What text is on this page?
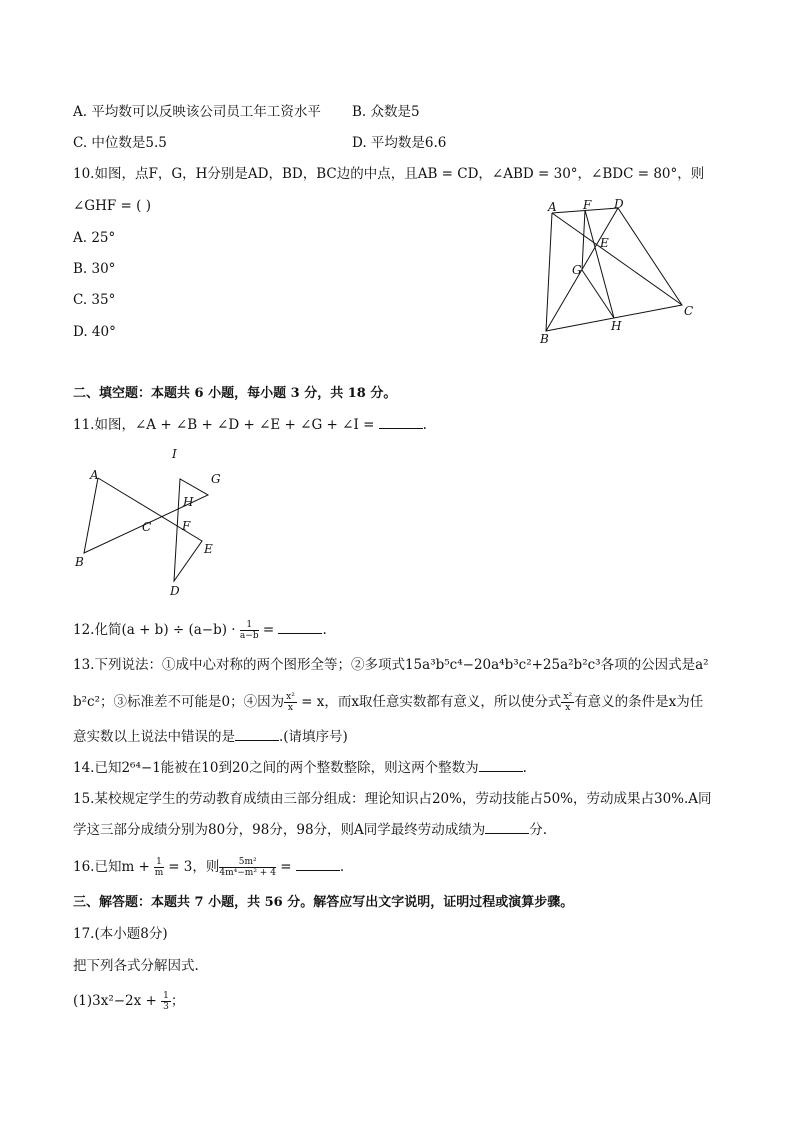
A. 平均数可以反映该公司员工年工资水平 B. 众数是5
C. 中位数是5.5	D. 平均数是6.6
10.如图，点F，G，H分别是AD，BD，BC边的中点，且AB = CD，∠ABD = 30°，∠BDC = 80°，则
∠GHF = ( )
A. 25°
B. 30°
C. 35°
D. 40°
A F D
E
G
H
C
B
二、填空题：本题共 6 小题，每小题 3 分，共 18 分。
11.如图，∠A + ∠B + ∠D + ∠E + ∠G + ∠I =	.
A
B
C
D
E
F
G
H
I
12.化简$(a + b) \div (a-b) \cdot \frac{1}{a-b}$ =	.
13.下列说法：①成中心对称的两个图形全等；②多项式15a³b⁵c⁴−20a⁴b³c²+25a²b²c³各项的公因式是a²
b²c²；③标准差不可能是0；④因为 $\frac{\text{x²}}{x} = x$，而x取任意实数都有意义，所以使分式 $\frac{\text{x²}}{x}$ 有意义的条件是x为任
意实数以上说法中错误的是	.(请填序号)
14.已知2⁶⁴−1能被在10到20之间的两个整数整除，则这两个整数为	.
15.某校规定学生的劳动教育成绩由三部分组成：理论知识占20%，劳动技能占50%，劳动成果占30%.A同
学这三部分成绩分别为80分，98分，98分，则A同学最终劳动成绩为	分.
16.已知$m + \frac{1}{m} = 3$，则 $\frac{\text{5m²}}{\text{4m⁴−m² + 4}}$ =	.
三、解答题：本题共 7 小题，共 56 分。解答应写出文字说明，证明过程或演算步骤。
17.(本小题8分)
把下列各式分解因式.
$(1)3x^2-2x + \frac{1}{3}$ ；
